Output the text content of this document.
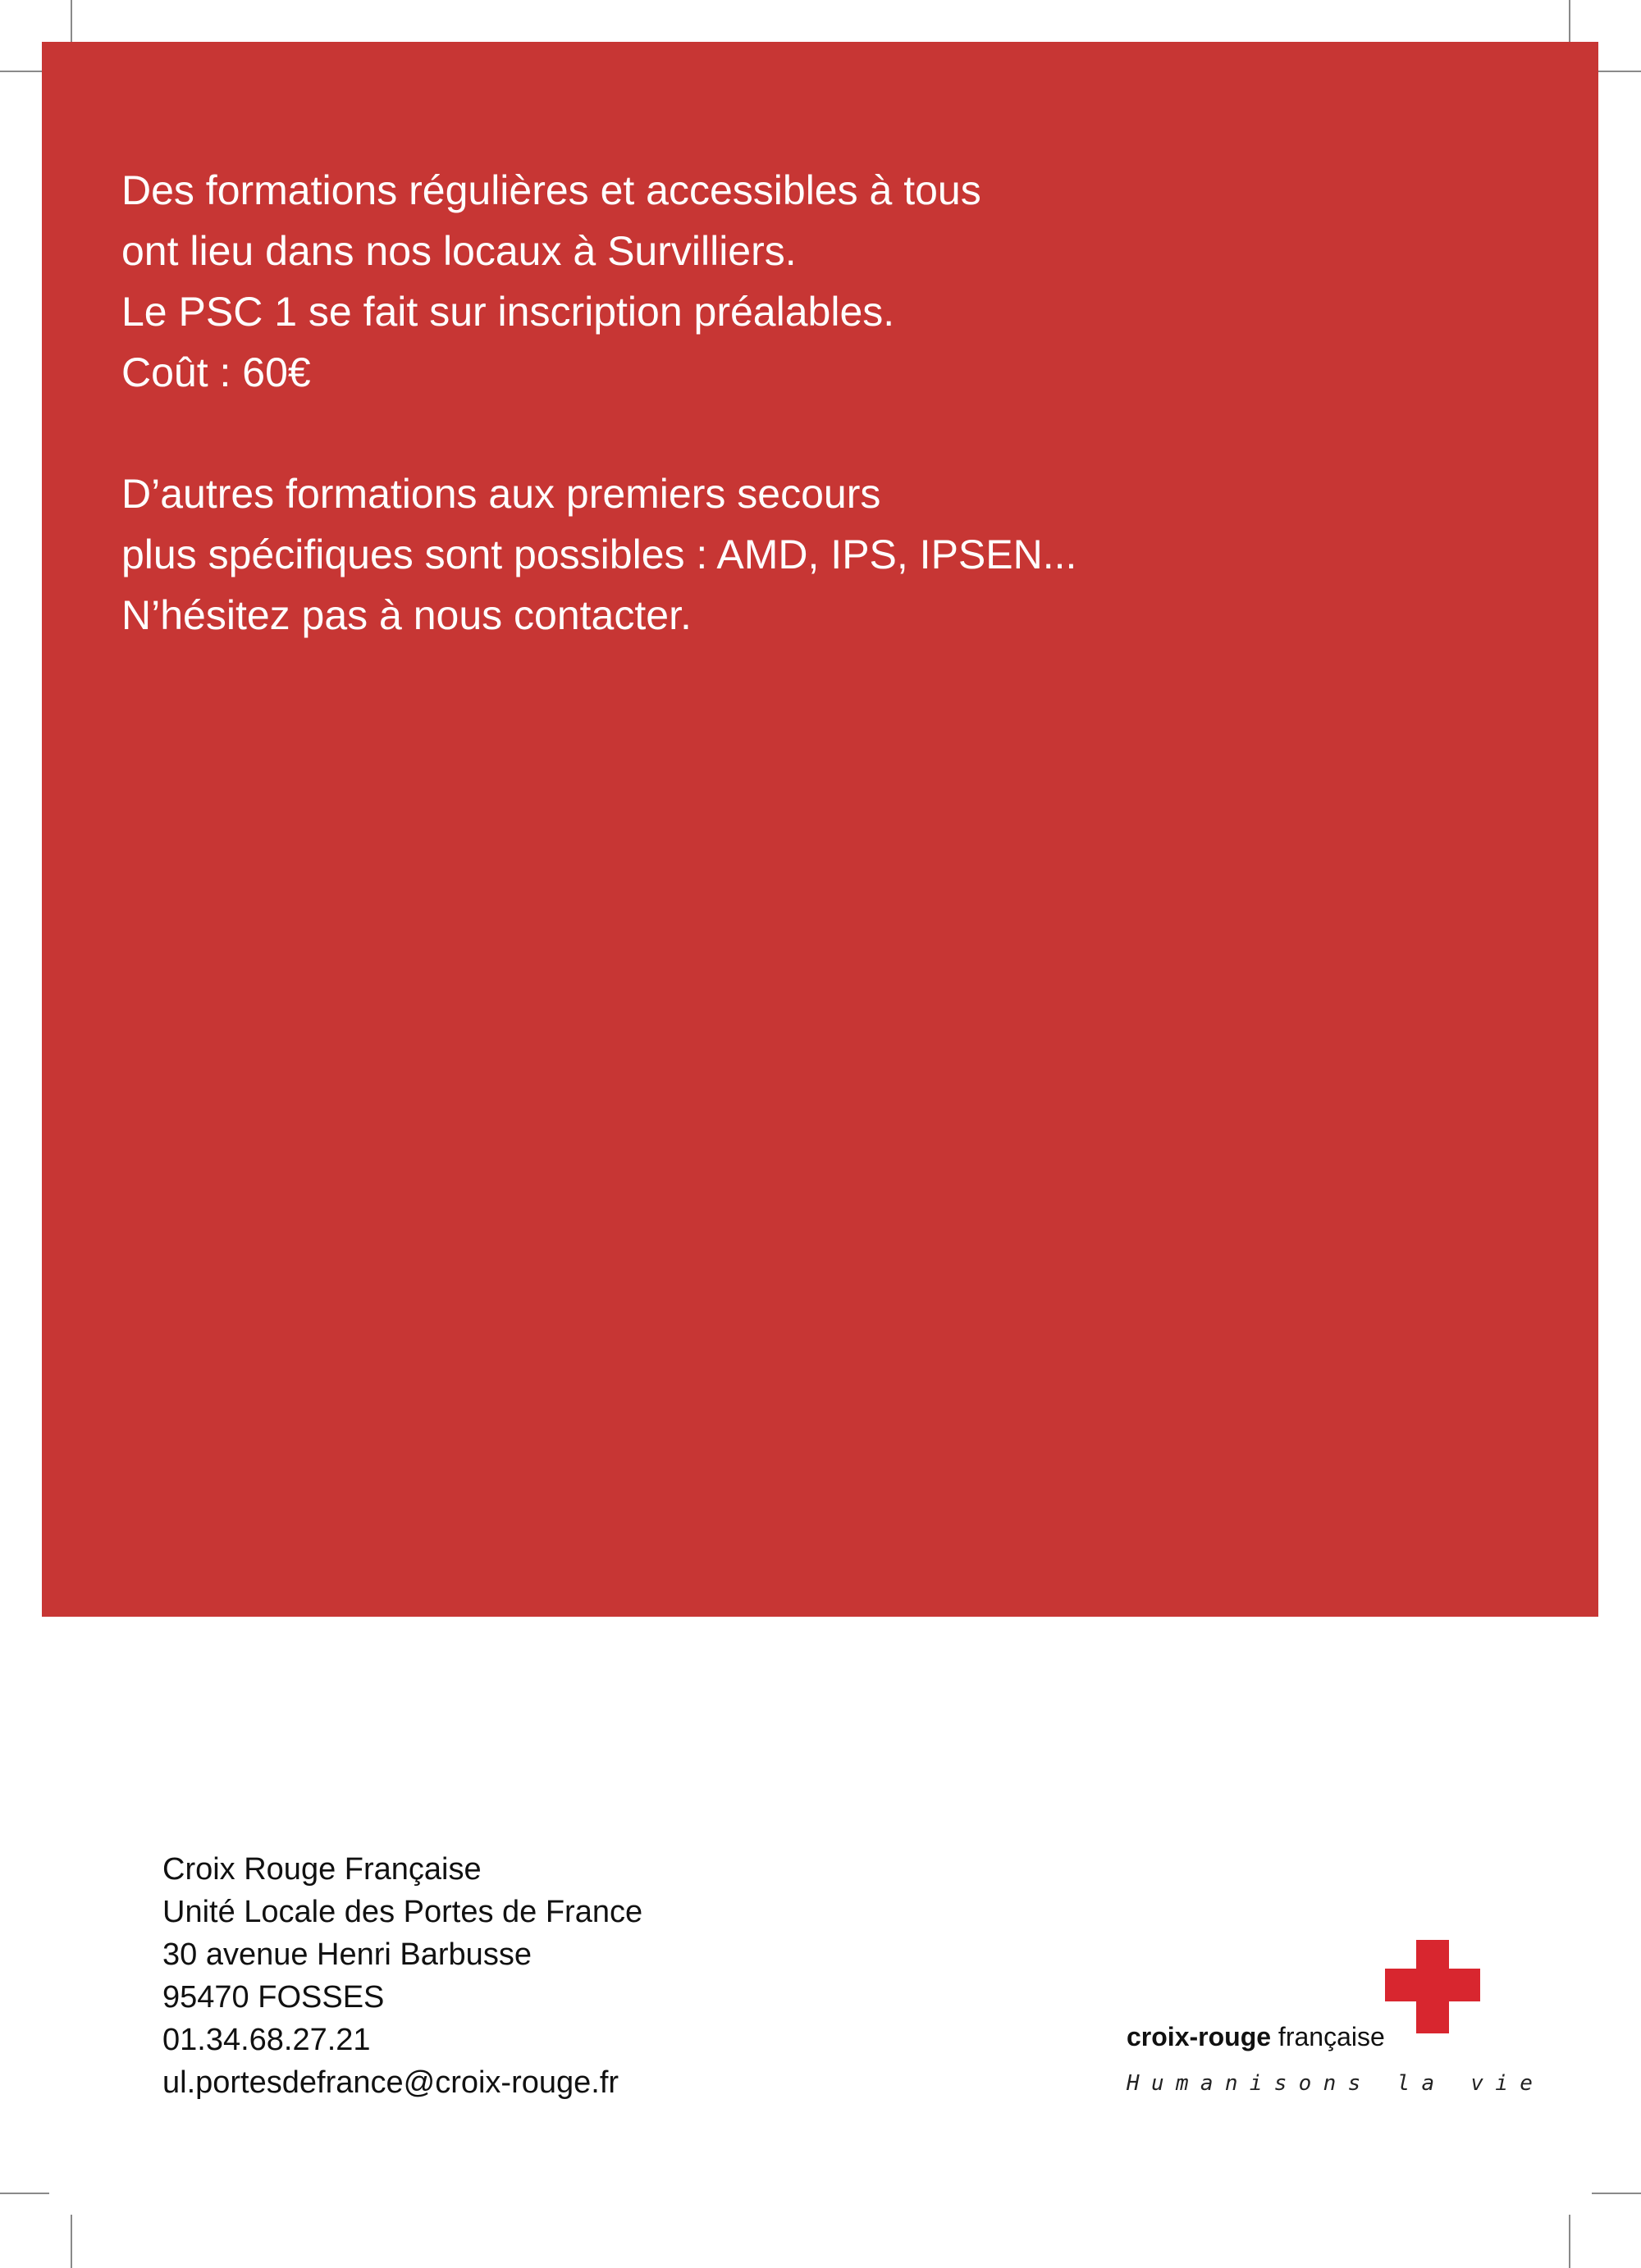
Des formations régulières et accessibles à tous
ont lieu dans nos locaux à Survilliers.
Le PSC 1 se fait sur inscription préalables.
Coût : 60€
D’autres formations aux premiers secours
plus spécifiques sont possibles : AMD, IPS, IPSEN...
N’hésitez pas à nous contacter.
Croix Rouge Française
Unité Locale des Portes de France
30 avenue Henri Barbusse
95470 FOSSES
01.34.68.27.21
ul.portesdefrance@croix-rouge.fr
croix-rouge française
Humanisons la vie
